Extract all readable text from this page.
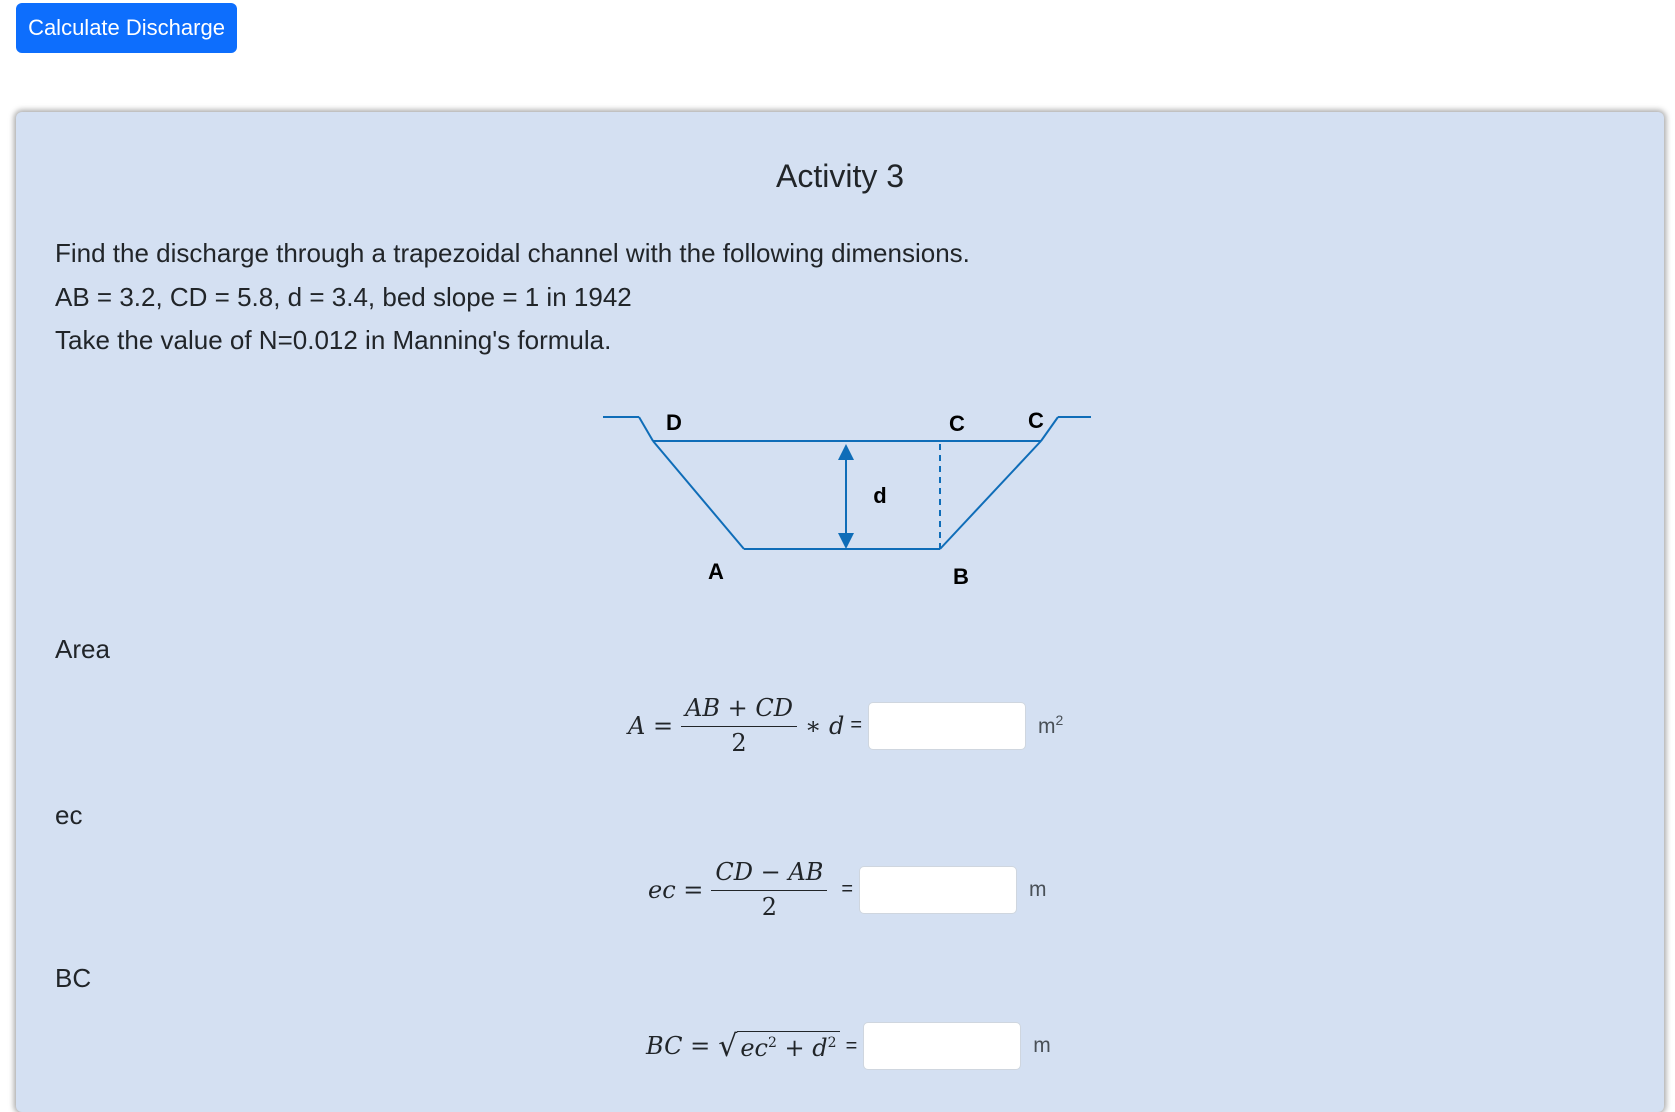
Calculate Discharge
Activity 3
Find the discharge through a trapezoidal channel with the following dimensions.
AB = 3.2, CD = 5.8, d = 3.4, bed slope = 1 in 1942
Take the value of N=0.012 in Manning's formula.
D	C	C
d
A	B
Area
$A = \frac{AB + CD}{2}$ ∗ d =	$m^2$
ec
ec = $\frac{CD - AB}{2}$ =	m
BC
BC = √ $ec^2 + d^2$ =	m
